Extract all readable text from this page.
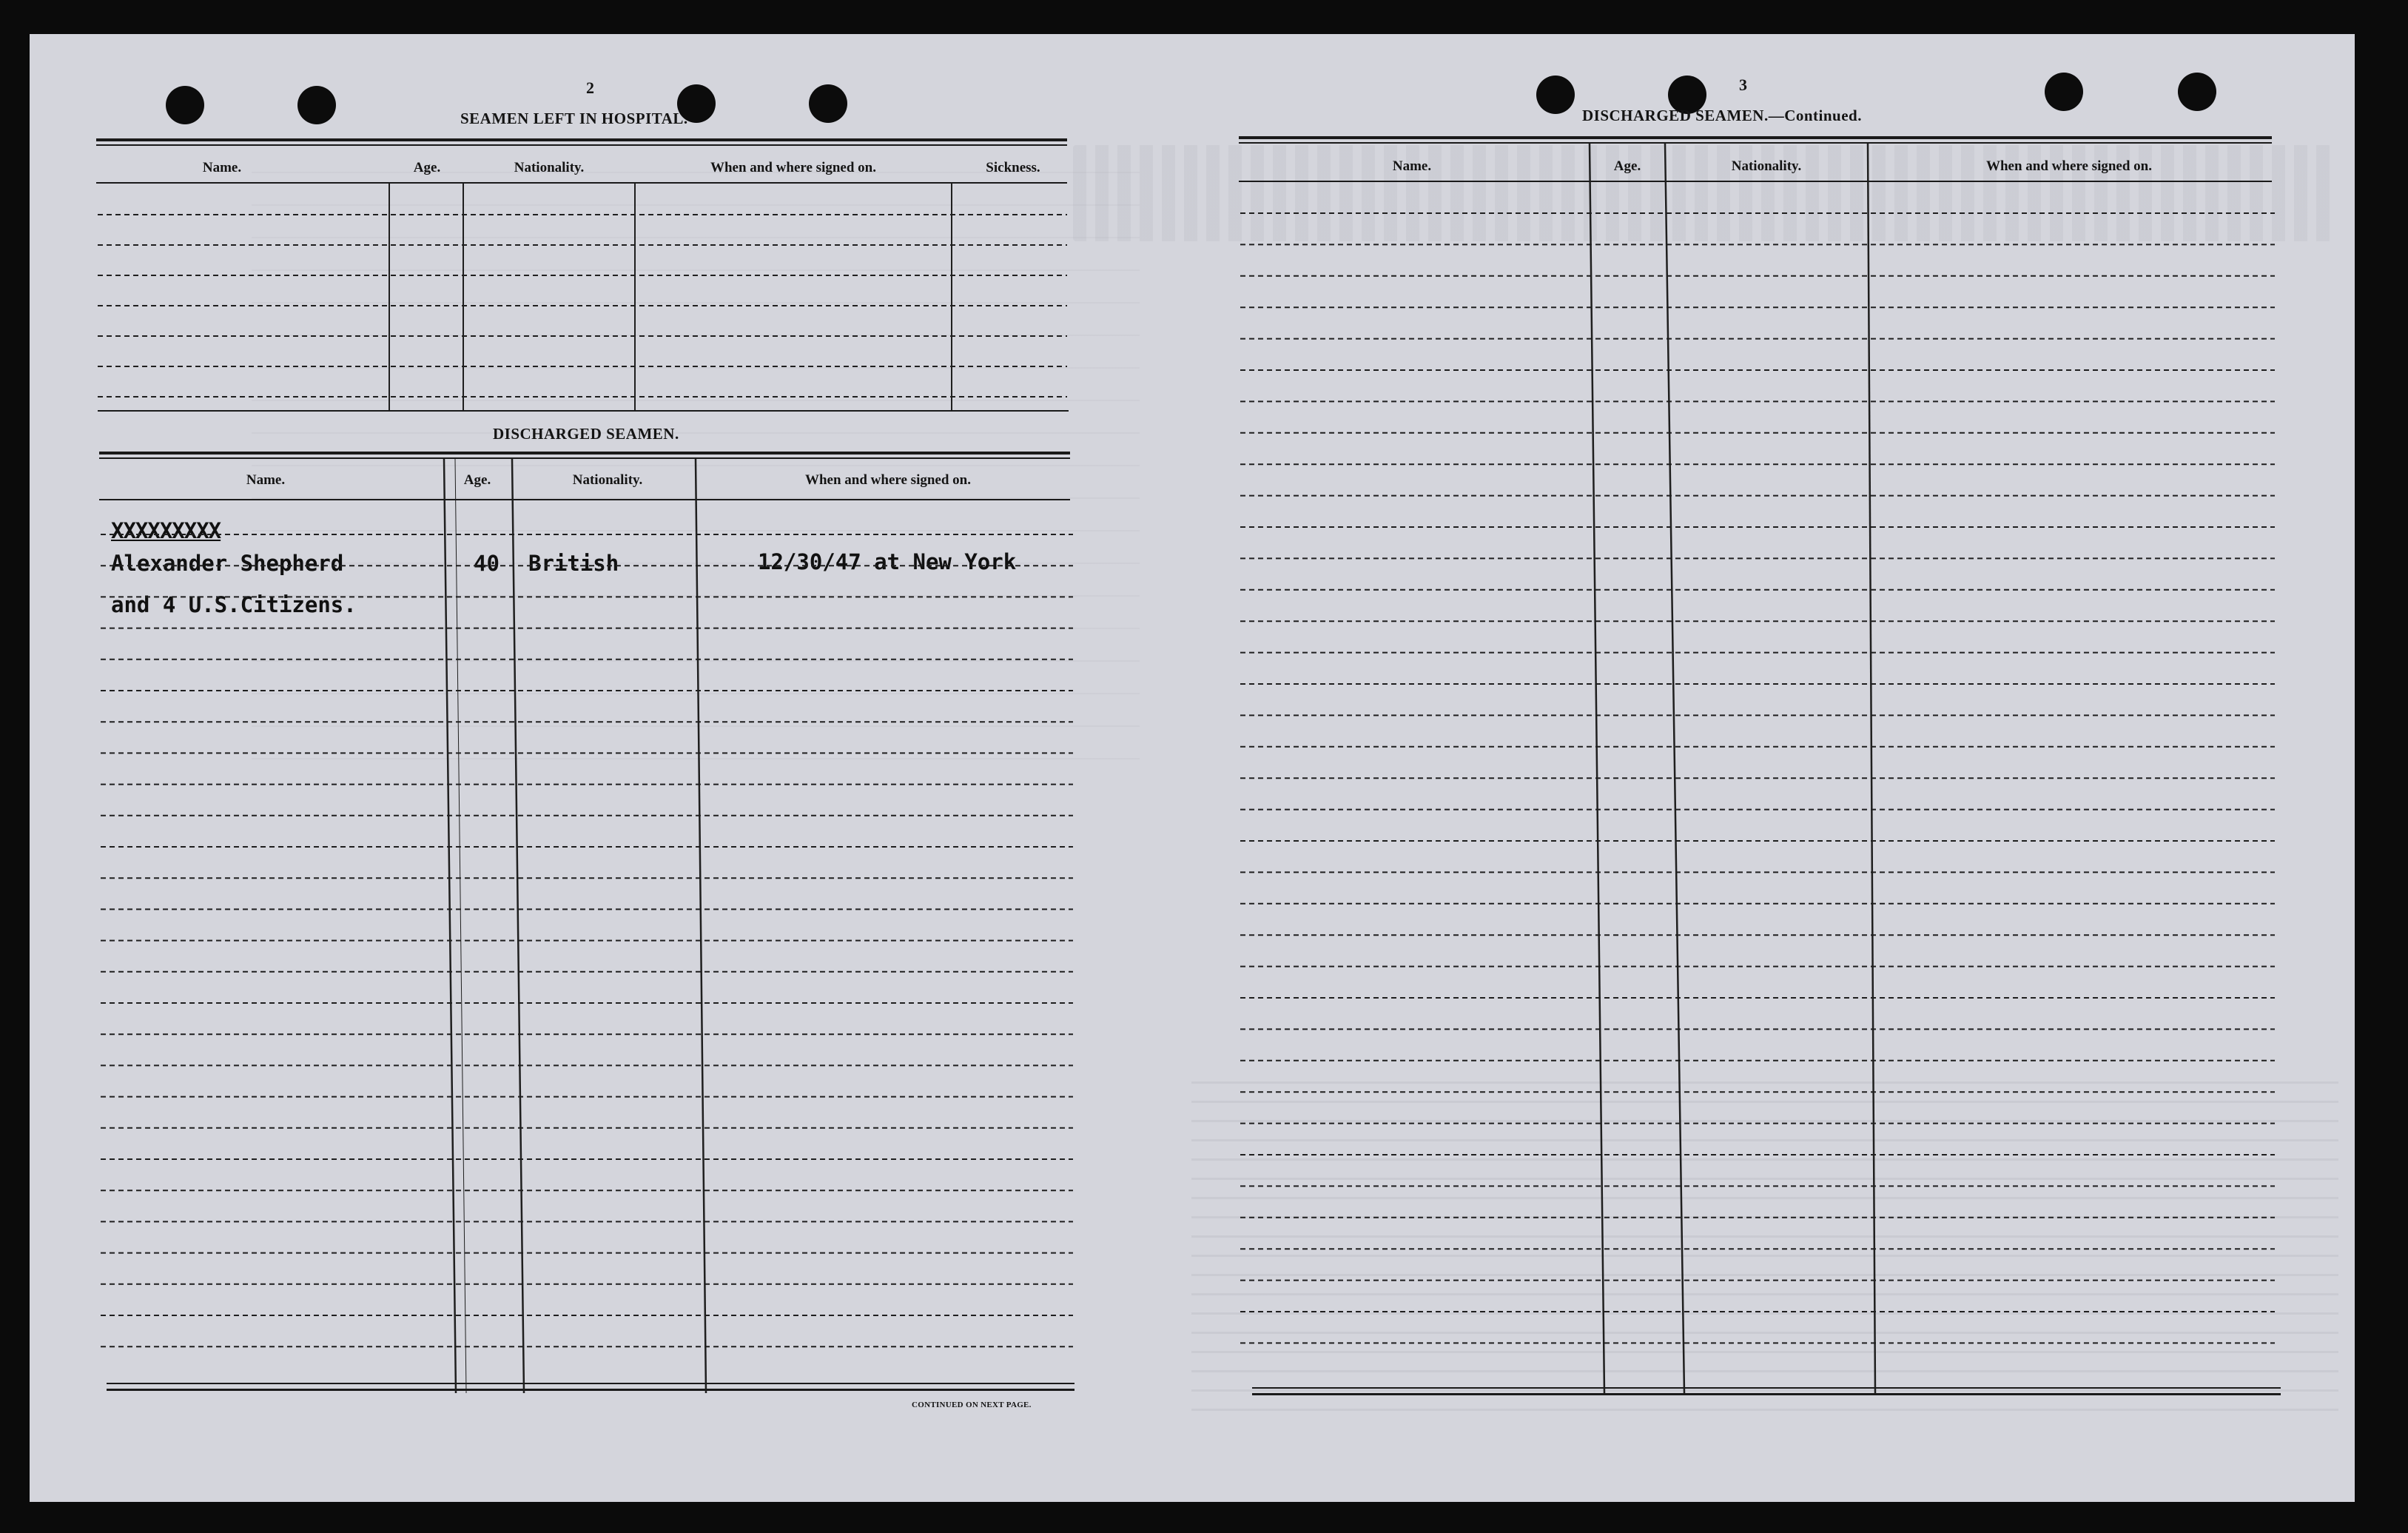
2
SEAMEN LEFT IN HOSPITAL.
Name.	Age.	Nationality.	When and where signed on.	Sickness.
DISCHARGED SEAMEN.
Name.	Age.	Nationality.	When and where signed on.
XXXXXXXXX
Alexander Shepherd	40 British	12/30/47 at New York
and 4 U.S.Citizens.
CONTINUED ON NEXT PAGE.
3
DISCHARGED SEAMEN.—Continued.
Name.	Age.	Nationality.	When and where signed on.
